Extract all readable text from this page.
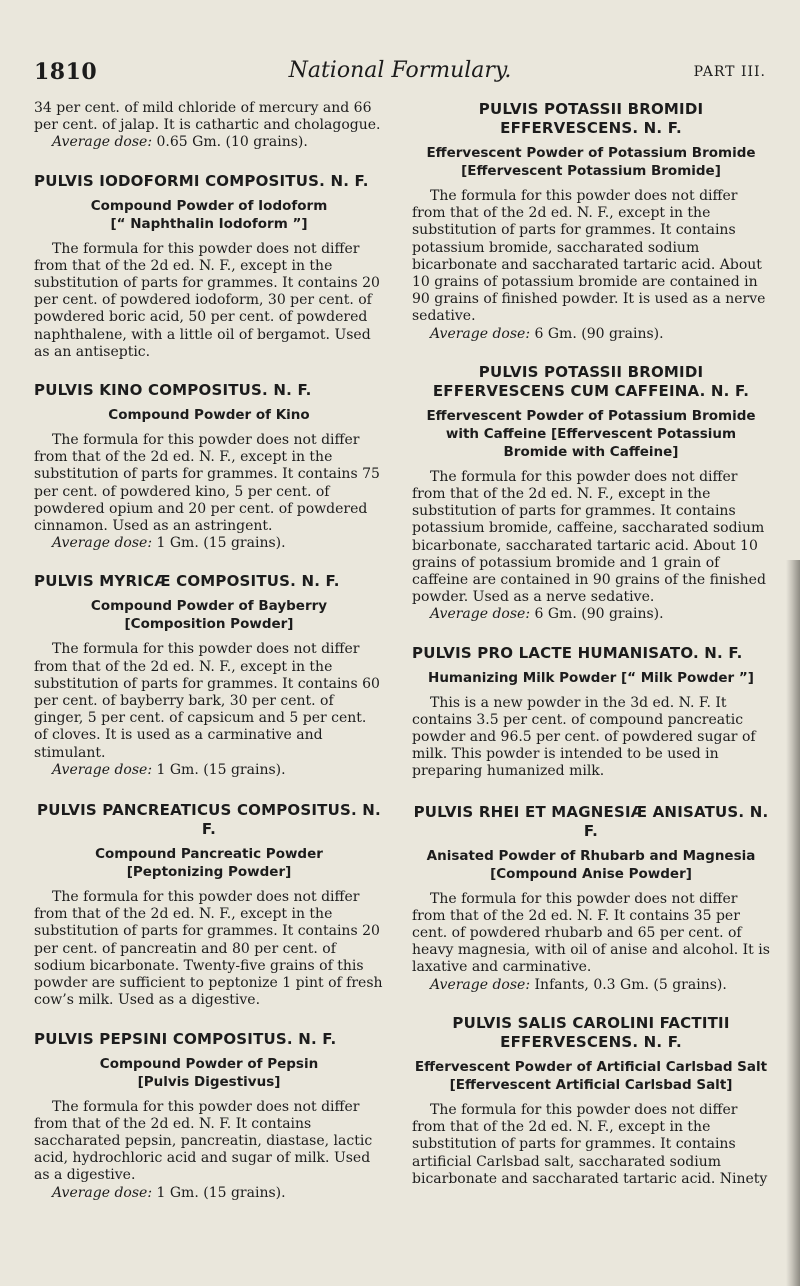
1810	National Formulary.	PART III.

34 per cent. of mild chloride of mercury and 66 per cent. of jalap. It is cathartic and cholagogue.

Average dose: 0.65 Gm. (10 grains).

PULVIS IODOFORMI COMPOSITUS. N. F.

Compound Powder of Iodoform

[“ Naphthalin Iodoform ”]

The formula for this powder does not differ from that of the 2d ed. N. F., except in the substitution of parts for grammes. It contains 20 per cent. of powdered iodoform, 30 per cent. of powdered boric acid, 50 per cent. of powdered naphthalene, with a little oil of bergamot. Used as an antiseptic.

PULVIS KINO COMPOSITUS. N. F.

Compound Powder of Kino

The formula for this powder does not differ from that of the 2d ed. N. F., except in the substitution of parts for grammes. It contains 75 per cent. of powdered kino, 5 per cent. of powdered opium and 20 per cent. of powdered cinnamon. Used as an astringent.

Average dose: 1 Gm. (15 grains).

PULVIS MYRICÆ COMPOSITUS. N. F.

Compound Powder of Bayberry

[Composition Powder]

The formula for this powder does not differ from that of the 2d ed. N. F., except in the substitution of parts for grammes. It contains 60 per cent. of bayberry bark, 30 per cent. of ginger, 5 per cent. of capsicum and 5 per cent. of cloves. It is used as a carminative and stimulant.

Average dose: 1 Gm. (15 grains).

PULVIS PANCREATICUS COMPOSITUS. N. F.

Compound Pancreatic Powder

[Peptonizing Powder]

The formula for this powder does not differ from that of the 2d ed. N. F., except in the substitution of parts for grammes. It contains 20 per cent. of pancreatin and 80 per cent. of sodium bicarbonate. Twenty-five grains of this powder are sufficient to peptonize 1 pint of fresh cow’s milk. Used as a digestive.

PULVIS PEPSINI COMPOSITUS. N. F.

Compound Powder of Pepsin

[Pulvis Digestivus]

The formula for this powder does not differ from that of the 2d ed. N. F. It contains saccharated pepsin, pancreatin, diastase, lactic acid, hydrochloric acid and sugar of milk. Used as a digestive.

Average dose: 1 Gm. (15 grains).

PULVIS POTASSII BROMIDI EFFERVESCENS. N. F.

Effervescent Powder of Potassium Bromide

[Effervescent Potassium Bromide]

The formula for this powder does not differ from that of the 2d ed. N. F., except in the substitution of parts for grammes. It contains potassium bromide, saccharated sodium bicarbonate and saccharated tartaric acid. About 10 grains of potassium bromide are contained in 90 grains of finished powder. It is used as a nerve sedative.

Average dose: 6 Gm. (90 grains).

PULVIS POTASSII BROMIDI EFFERVESCENS CUM CAFFEINA. N. F.

Effervescent Powder of Potassium Bromide with Caffeine [Effervescent Potassium Bromide with Caffeine]

The formula for this powder does not differ from that of the 2d ed. N. F., except in the substitution of parts for grammes. It contains potassium bromide, caffeine, saccharated sodium bicarbonate, saccharated tartaric acid. About 10 grains of potassium bromide and 1 grain of caffeine are contained in 90 grains of the finished powder. Used as a nerve sedative.

Average dose: 6 Gm. (90 grains).

PULVIS PRO LACTE HUMANISATO. N. F.

Humanizing Milk Powder [“ Milk Powder ”]

This is a new powder in the 3d ed. N. F. It contains 3.5 per cent. of compound pancreatic powder and 96.5 per cent. of powdered sugar of milk. This powder is intended to be used in preparing humanized milk.

PULVIS RHEI ET MAGNESIÆ ANISATUS. N. F.

Anisated Powder of Rhubarb and Magnesia

[Compound Anise Powder]

The formula for this powder does not differ from that of the 2d ed. N. F. It contains 35 per cent. of powdered rhubarb and 65 per cent. of heavy magnesia, with oil of anise and alcohol. It is laxative and carminative.

Average dose: Infants, 0.3 Gm. (5 grains).

PULVIS SALIS CAROLINI FACTITII EFFERVESCENS. N. F.

Effervescent Powder of Artificial Carlsbad Salt [Effervescent Artificial Carlsbad Salt]

The formula for this powder does not differ from that of the 2d ed. N. F., except in the substitution of parts for grammes. It contains artificial Carlsbad salt, saccharated sodium bicarbonate and saccharated tartaric acid. Ninety
